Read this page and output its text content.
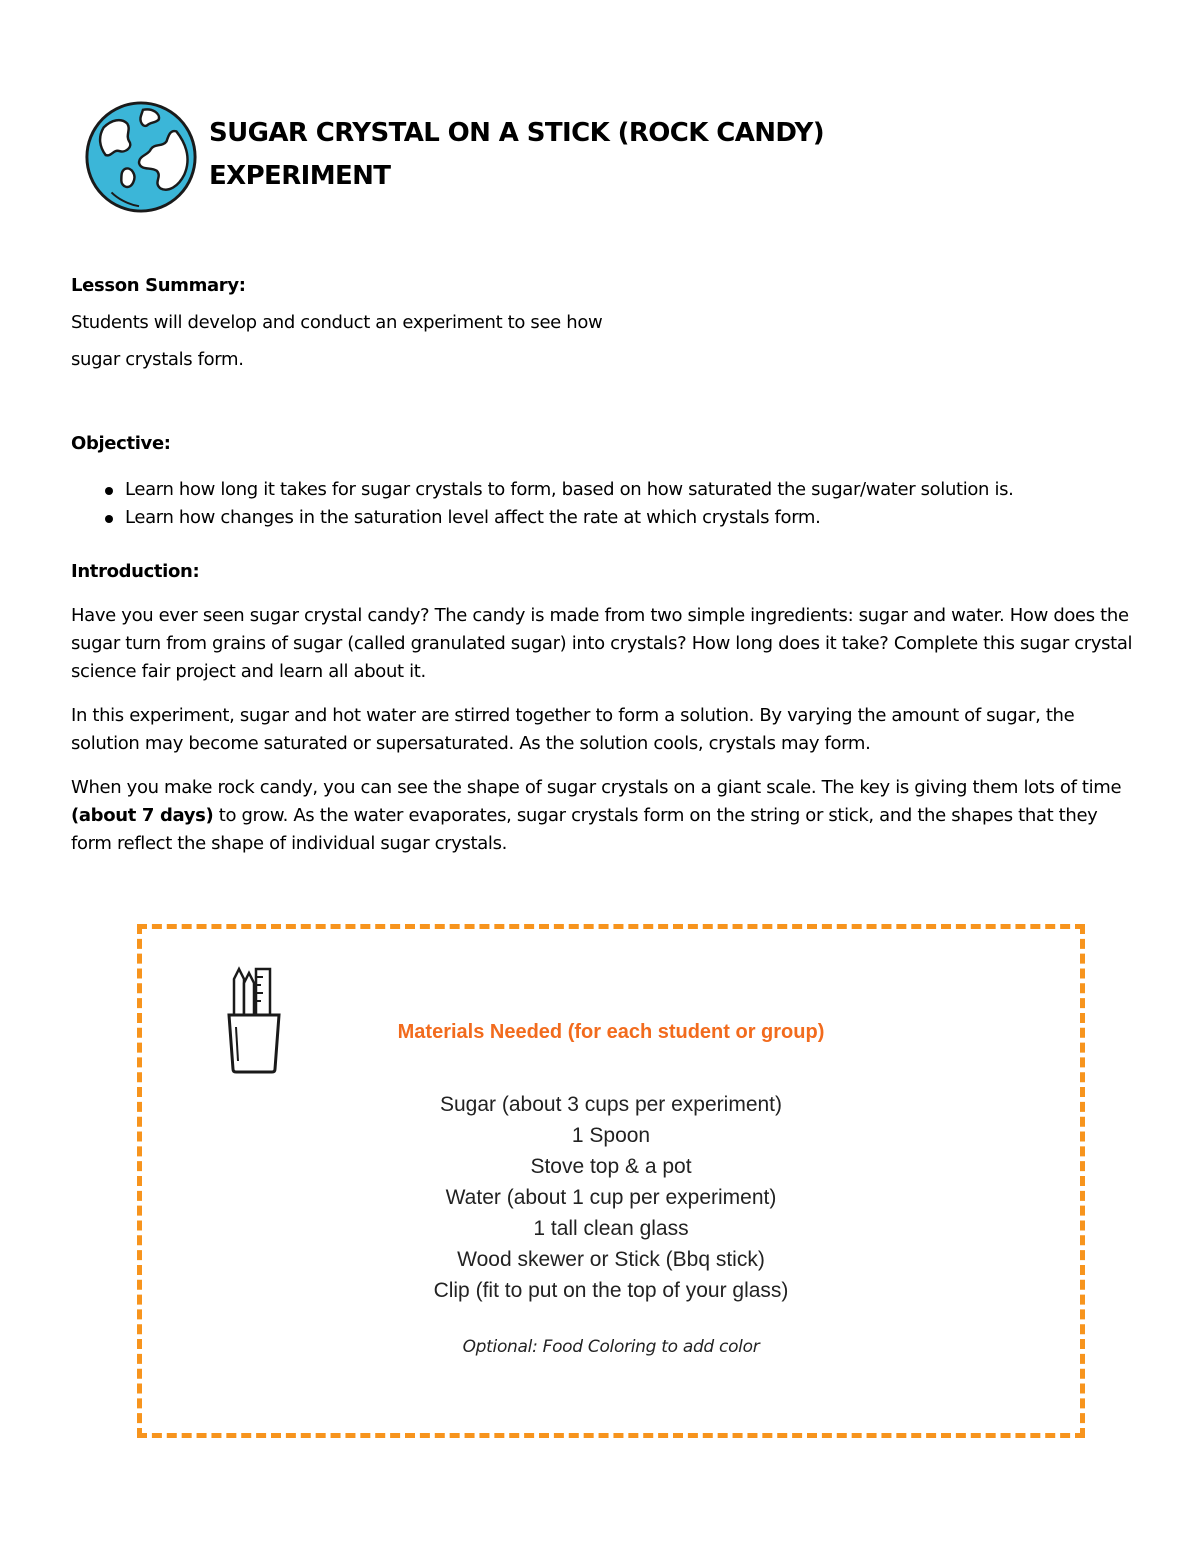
SUGAR CRYSTAL ON A STICK (ROCK CANDY)
EXPERIMENT

Lesson Summary:

Students will develop and conduct an experiment to see how

sugar crystals form.

Objective:

Learn how long it takes for sugar crystals to form, based on how saturated the sugar/water solution is.
Learn how changes in the saturation level affect the rate at which crystals form.

Introduction:

Have you ever seen sugar crystal candy? The candy is made from two simple ingredients: sugar and water. How does the sugar turn from grains of sugar (called granulated sugar) into crystals? How long does it take? Complete this sugar crystal science fair project and learn all about it.

In this experiment, sugar and hot water are stirred together to form a solution. By varying the amount of sugar, the solution may become saturated or supersaturated. As the solution cools, crystals may form.

When you make rock candy, you can see the shape of sugar crystals on a giant scale. The key is giving them lots of time (about 7 days) to grow. As the water evaporates, sugar crystals form on the string or stick, and the shapes that they form reflect the shape of individual sugar crystals.

Materials Needed (for each student or group)
Sugar (about 3 cups per experiment)
1 Spoon
Stove top & a pot
Water (about 1 cup per experiment)
1 tall clean glass
Wood skewer or Stick (Bbq stick)
Clip (fit to put on the top of your glass)
Optional: Food Coloring to add color
